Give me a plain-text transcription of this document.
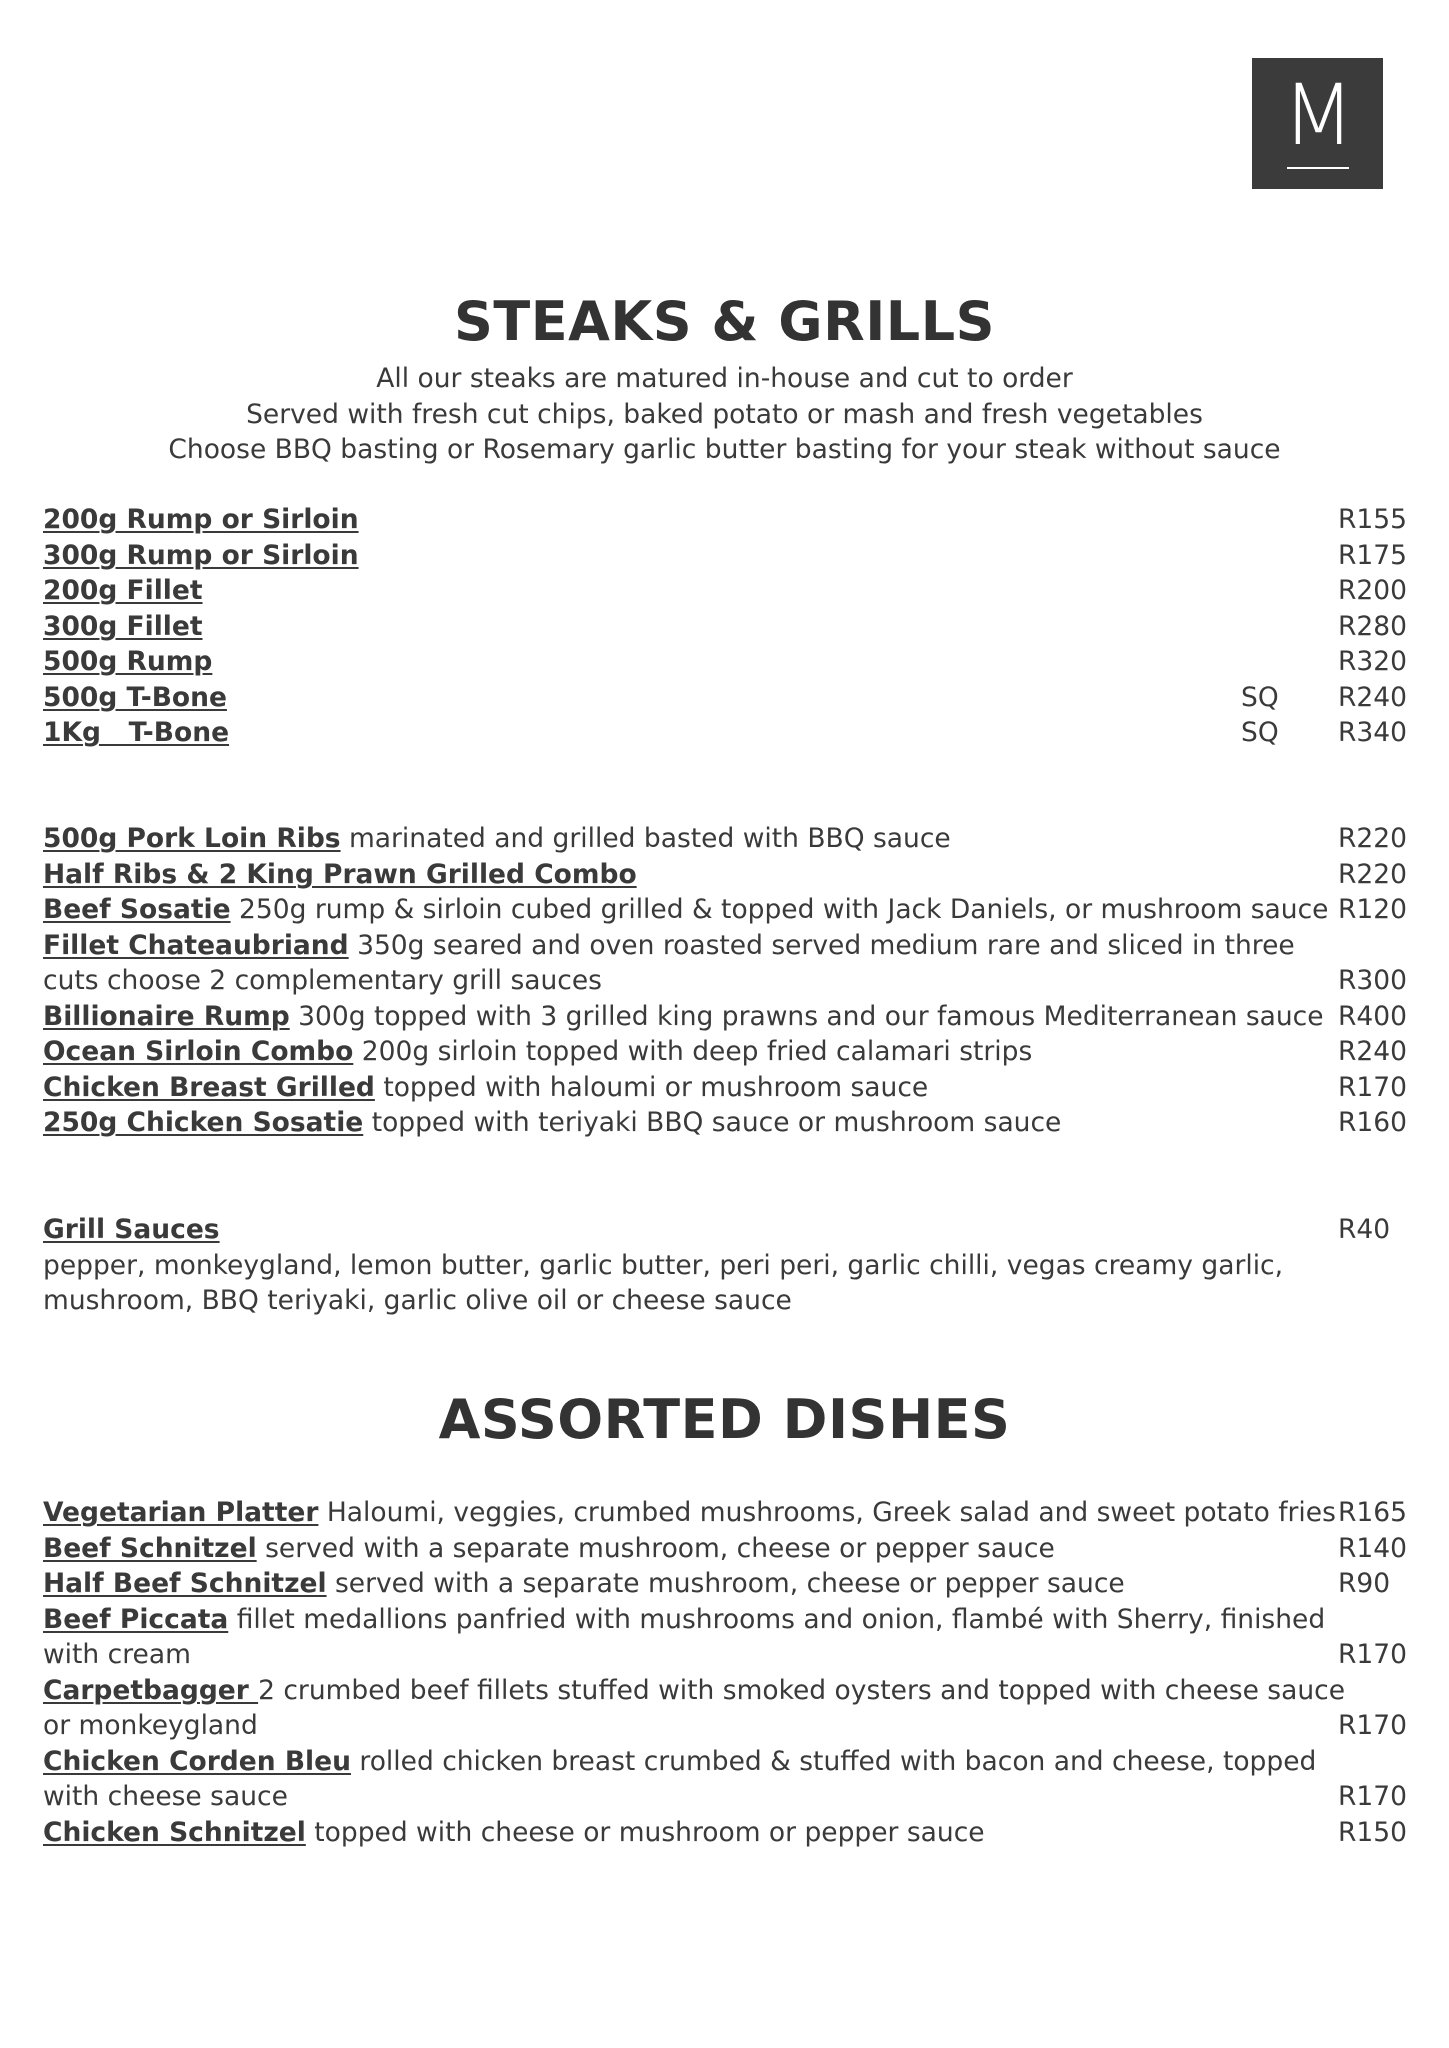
M
STEAKS & GRILLS
All our steaks are matured in-house and cut to order
Served with fresh cut chips, baked potato or mash and fresh vegetables
Choose BBQ basting or Rosemary garlic butter basting for your steak without sauce
200g Rump or Sirloin	R155
300g Rump or Sirloin	R175
200g Fillet	R200
300g Fillet	R280
500g Rump	R320
500g T-Bone	SQ R240
1Kg   T-Bone	SQ R340
500g Pork Loin Ribs marinated and grilled basted with BBQ sauce	R220
Half Ribs & 2 King Prawn Grilled Combo	R220
Beef Sosatie 250g rump & sirloin cubed grilled & topped with Jack Daniels, or mushroom sauce R120
Fillet Chateaubriand 350g seared and oven roasted served medium rare and sliced in three
cuts choose 2 complementary grill sauces	R300
Billionaire Rump 300g topped with 3 grilled king prawns and our famous Mediterranean sauce R400
Ocean Sirloin Combo 200g sirloin topped with deep fried calamari strips	R240
Chicken Breast Grilled topped with haloumi or mushroom sauce	R170
250g Chicken Sosatie topped with teriyaki BBQ sauce or mushroom sauce	R160
Grill Sauces	R40
pepper, monkeygland, lemon butter, garlic butter, peri peri, garlic chilli, vegas creamy garlic,
mushroom, BBQ teriyaki, garlic olive oil or cheese sauce
ASSORTED DISHES
Vegetarian Platter Haloumi, veggies, crumbed mushrooms, Greek salad and sweet potato fries R165
Beef Schnitzel served with a separate mushroom, cheese or pepper sauce	R140
Half Beef Schnitzel served with a separate mushroom, cheese or pepper sauce	R90
Beef Piccata fillet medallions panfried with mushrooms and onion, flambé with Sherry, finished
with cream	R170
Carpetbagger 2 crumbed beef fillets stuffed with smoked oysters and topped with cheese sauce
or monkeygland	R170
Chicken Corden Bleu rolled chicken breast crumbed & stuffed with bacon and cheese, topped
with cheese sauce	R170
Chicken Schnitzel topped with cheese or mushroom or pepper sauce	R150
